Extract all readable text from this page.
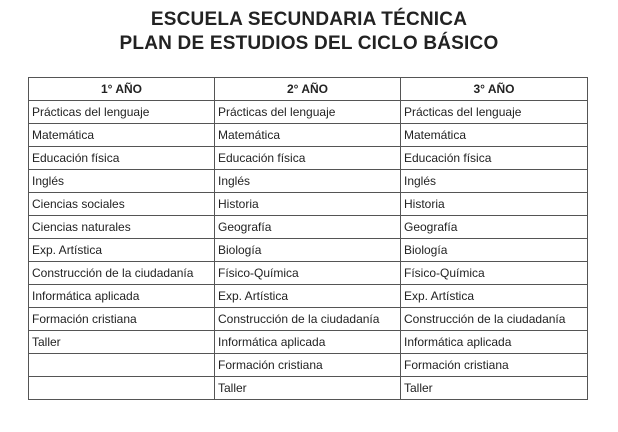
ESCUELA SECUNDARIA TÉCNICA
PLAN DE ESTUDIOS DEL CICLO BÁSICO
1° AÑO	2° AÑO	3° AÑO
Prácticas del lenguaje	Prácticas del lenguaje	Prácticas del lenguaje
Matemática	Matemática	Matemática
Educación física	Educación física	Educación física
Inglés	Inglés	Inglés
Ciencias sociales	Historia	Historia
Ciencias naturales	Geografía	Geografía
Exp. Artística	Biología	Biología
Construcción de la ciudadanía	Físico-Química	Físico-Química
Informática aplicada	Exp. Artística	Exp. Artística
Formación cristiana	Construcción de la ciudadanía	Construcción de la ciudadanía
Taller	Informática aplicada	Informática aplicada
	Formación cristiana	Formación cristiana
	Taller	Taller
